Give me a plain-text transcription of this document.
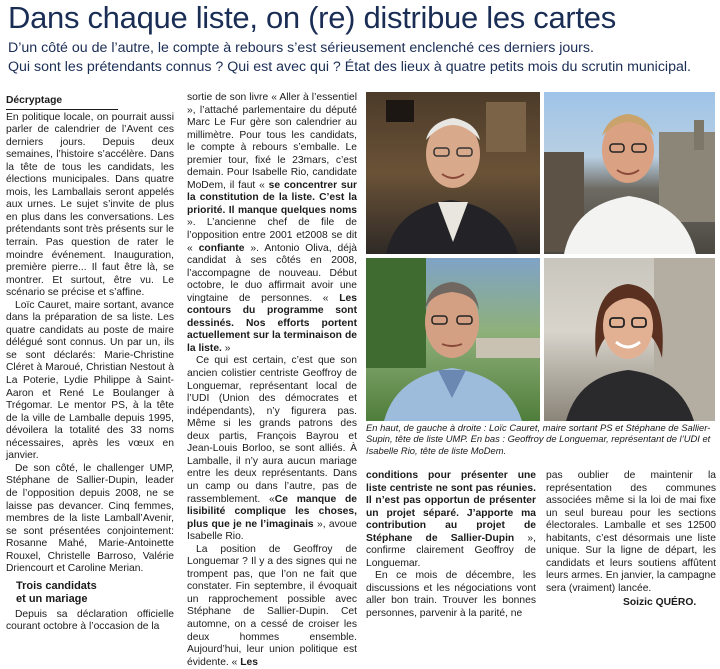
Dans chaque liste, on (re) distribue les cartes

D’un côté ou de l’autre, le compte à rebours s’est sérieusement enclenché ces derniers jours.

Qui sont les prétendants connus ? Qui est avec qui ? État des lieux à quatre petits mois du scrutin municipal.

Décryptage

En politique locale, on pourrait aussi parler de calendrier de l’Avent ces derniers jours. Depuis deux semaines, l’histoire s’accélère. Dans la tête de tous les candidats, les élections municipales. Dans quatre mois, les Lamballais seront appelés aux urnes. Le sujet s’invite de plus en plus dans les conversations. Les prétendants sont très présents sur le terrain. Pas question de rater le moindre événement. Inauguration, première pierre... Il faut être là, se montrer. Et surtout, être vu. Le scénario se précise et s’affine.

Loïc Cauret, maire sortant, avance dans la préparation de sa liste. Les quatre candidats au poste de maire délégué sont connus. Un par un, ils se sont déclarés: Marie-Christine Cléret à Maroué, Christian Nestout à La Poterie, Lydie Philippe à Saint-Aaron et René Le Boulanger à Trégomar. Le mentor PS, à la tête de la ville de Lamballe depuis 1995, dévoilera la totalité des 33 noms nécessaires, après les vœux en janvier.

De son côté, le challenger UMP, Stéphane de Sallier-Dupin, leader de l’opposition depuis 2008, ne se laisse pas devancer. Cinq femmes, membres de la liste Lamball’Avenir, se sont présentées conjointement: Rosanne Mahé, Marie-Antoinette Rouxel, Christelle Barroso, Valérie Driencourt et Caroline Merian.

Trois candidats
et un mariage

Depuis sa déclaration officielle courant octobre à l’occasion de la

sortie de son livre « Aller à l’essentiel », l’attaché parlementaire du député Marc Le Fur gère son calendrier au millimètre. Pour tous les candidats, le compte à rebours s’emballe. Le premier tour, fixé le 23mars, c’est demain. Pour Isabelle Rio, candidate MoDem, il faut « se concentrer sur la constitution de la liste. C’est la priorité. Il manque quelques noms ». L’ancienne chef de file de l’opposition entre 2001 et2008 se dit « confiante ». Antonio Oliva, déjà candidat à ses côtés en 2008, l’accompagne de nouveau. Début octobre, le duo affirmait avoir une vingtaine de personnes. « Les contours du programme sont dessinés. Nos efforts portent actuellement sur la terminaison de la liste. »

Ce qui est certain, c’est que son ancien colistier centriste Geoffroy de Longuemar, représentant local de l’UDI (Union des démocrates et indépendants), n’y figurera pas. Même si les grands patrons des deux partis, François Bayrou et Jean-Louis Borloo, se sont alliés. À Lamballe, il n’y aura aucun mariage entre les deux représentants. Dans un camp ou dans l’autre, pas de rassemblement. «Ce manque de lisibilité complique les choses, plus que je ne l’imaginais », avoue Isabelle Rio.

La position de Geoffroy de Longuemar ? Il y a des signes qui ne trompent pas, que l’on ne fait que constater. Fin septembre, il évoquait un rapprochement possible avec Stéphane de Sallier-Dupin. Cet automne, on a cessé de croiser les deux hommes ensemble. Aujourd’hui, leur union politique est évidente. « Les

En haut, de gauche à droite : Loïc Cauret, maire sortant PS et Stéphane de Sallier-Supin, tête de liste UMP. En bas : Geoffroy de Longuemar, représentant de l’UDI et Isabelle Rio, tête de liste MoDem.

conditions pour présenter une liste centriste ne sont pas réunies. Il n’est pas opportun de présenter un projet séparé. J’apporte ma contribution au projet de Stéphane de Sallier-Dupin », confirme clairement Geoffroy de Longuemar.

En ce mois de décembre, les discussions et les négociations vont aller bon train. Trouver les bonnes personnes, parvenir à la parité, ne

pas oublier de maintenir la représentation des communes associées même si la loi de mai fixe un seul bureau pour les sections électorales. Lamballe et ses 12500 habitants, c’est désormais une liste unique. Sur la ligne de départ, les candidats et leurs soutiens affûtent leurs armes. En janvier, la campagne sera (vraiment) lancée.

Soizic QUÉRO.
